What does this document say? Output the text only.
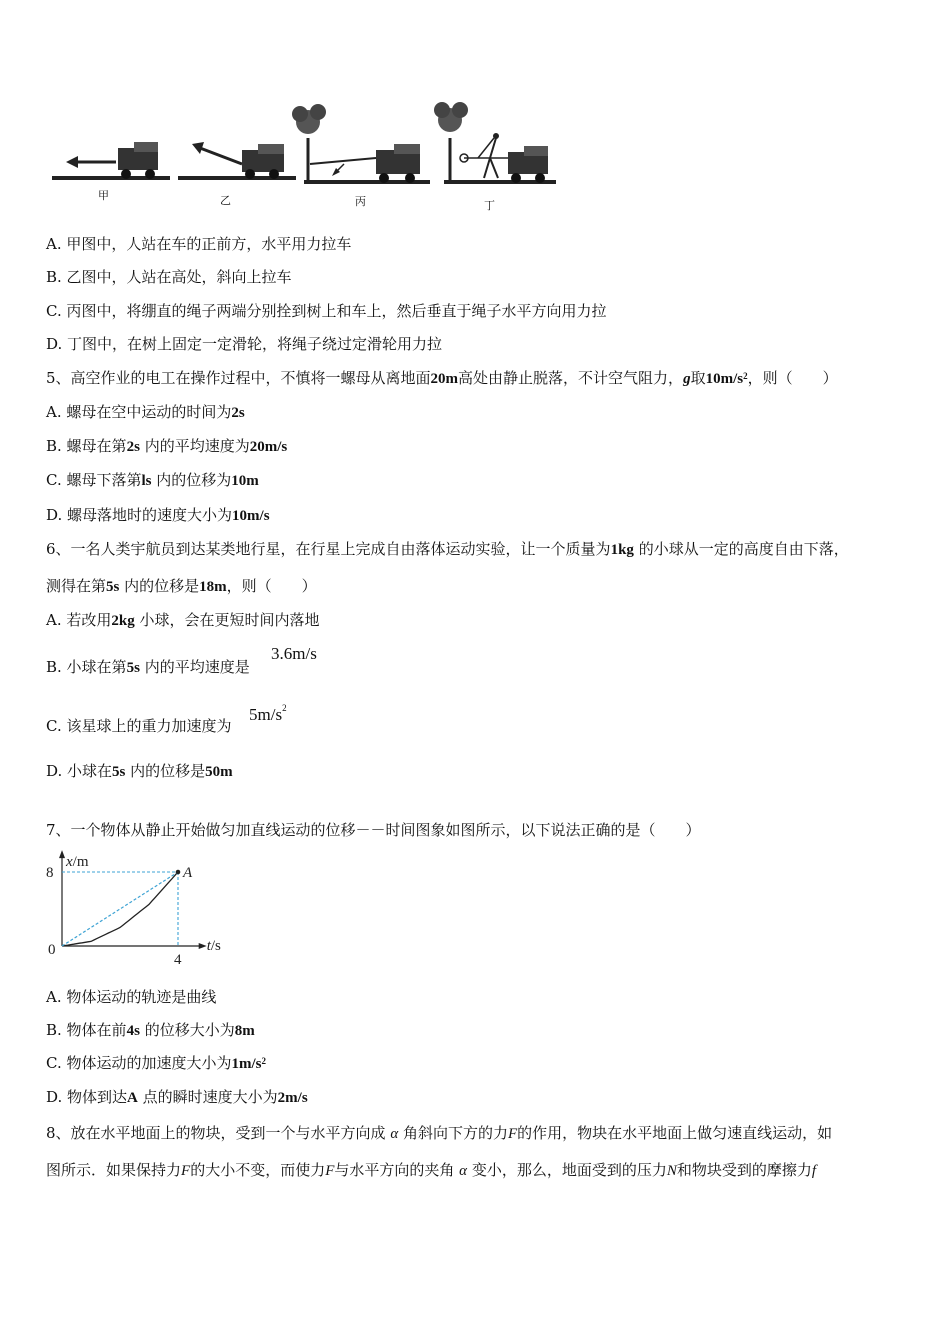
甲	乙	丙	丁
A. 甲图中，人站在车的正前方，水平用力拉车
B. 乙图中，人站在高处，斜向上拉车
C. 丙图中，将绷直的绳子两端分别拴到树上和车上，然后垂直于绳子水平方向用力拉
D. 丁图中，在树上固定一定滑轮，将绳子绕过定滑轮用力拉
5、高空作业的电工在操作过程中，不慎将一螺母从离地面20m高处由静止脱落，不计空气阻力，g取$10m/s^2$，则（　　）
A. 螺母在空中运动的时间为2s
B. 螺母在第2s 内的平均速度为20m/s
C. 螺母下落第ls 内的位移为10m
D. 螺母落地时的速度大小为10m/s
6、一名人类宇航员到达某类地行星，在行星上完成自由落体运动实验，让一个质量为1kg 的小球从一定的高度自由下落，
测得在第5s 内的位移是18m，则（　　）
A. 若改用2kg 小球，会在更短时间内落地
B. 小球在第5s 内的平均速度是
3.6m/s
C. 该星球上的重力加速度为
$5m/s^2$
D. 小球在5s 内的位移是50m
7、一个物体从静止开始做匀加直线运动的位移－－时间图象如图所示，以下说法正确的是（　　）
x/m
t/s
8
0
4
A
A. 物体运动的轨迹是曲线
B. 物体在前4s 的位移大小为8m
C. 物体运动的加速度大小为$1m/s^2$
D. 物体到达A 点的瞬时速度大小为2m/s
8、放在水平地面上的物块，受到一个与水平方向成 α 角斜向下方的力F的作用，物块在水平地面上做匀速直线运动，如
图所示．如果保持力F的大小不变，而使力F与水平方向的夹角 α 变小，那么，地面受到的压力N和物块受到的摩擦力f
